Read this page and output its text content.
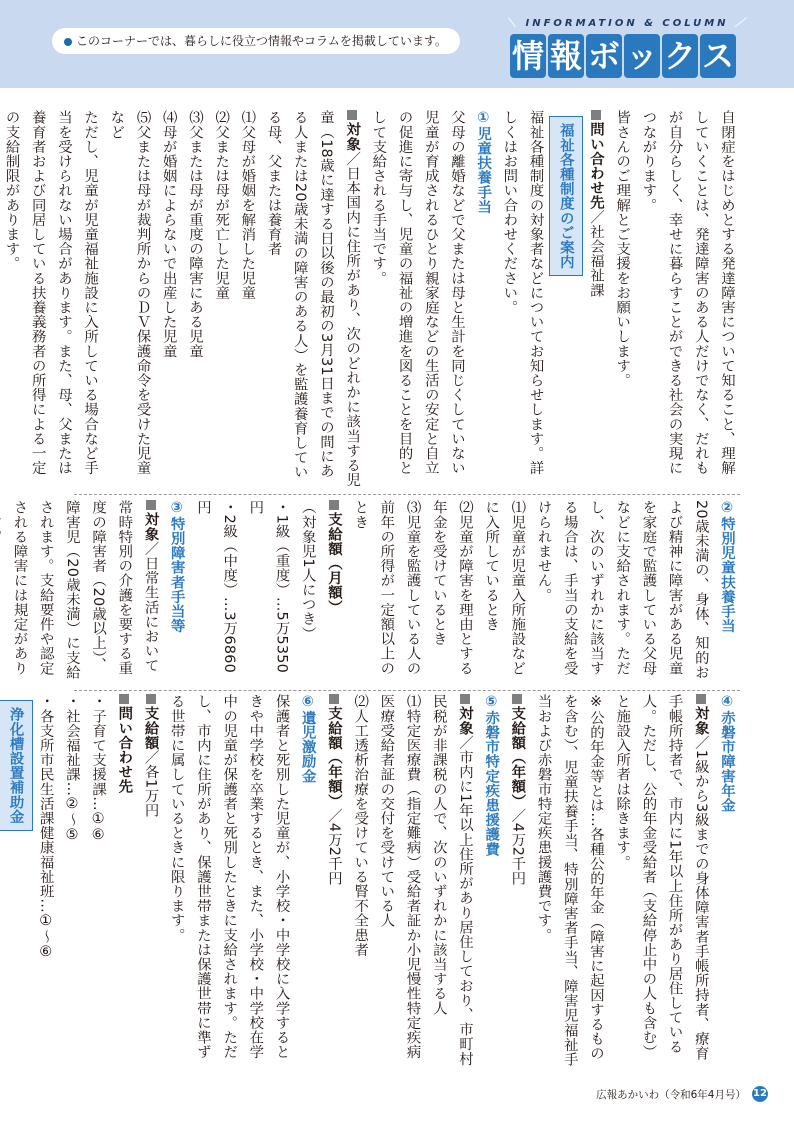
このコーナーでは、暮らしに役立つ情報やコラムを掲載しています。
＼ INFORMATION & COLUMN ／
情 報 ボ ッ ク ス

自閉症をはじめとする発達障害について知ること、理解していくことは、発達障害のある人だけでなく、だれもが自分らしく、幸せに暮らすことができる社会の実現につながります。

皆さんのご理解とご支援をお願いします。

問い合わせ先／社会福祉課

福祉各種制度のご案内

福祉各種制度の対象者などについてお知らせします。詳しくはお問い合わせください。

①児童扶養手当

父母の離婚などで父または母と生計を同じくしていない児童が育成されるひとり親家庭などの生活の安定と自立の促進に寄与し、児童の福祉の増進を図ることを目的として支給される手当です。

対象／日本国内に住所があり、次のどれかに該当する児童（18歳に達する日以後の最初の3月31日までの間にある人または20歳未満の障害のある人）を監護養育している母、父または養育者

⑴父母が婚姻を解消した児童

⑵父または母が死亡した児童

⑶父または母が重度の障害にある児童

⑷母が婚姻によらないで出産した児童

⑸父または母が裁判所からのＤＶ保護命令を受けた児童　など

ただし、児童が児童福祉施設に入所している場合など手当を受けられない場合があります。また、母、父または養育者および同居している扶養義務者の所得による一定の支給制限があります。

②特別児童扶養手当

20歳未満の、身体、知的および精神に障害がある児童を家庭で監護している父母などに支給されます。ただし、次のいずれかに該当する場合は、手当の支給を受けられません。

⑴児童が児童入所施設などに入所しているとき

⑵児童が障害を理由とする年金を受けているとき

⑶児童を監護している人の前年の所得が一定額以上のとき

支給額（月額）

（対象児1人につき）

・1級（重度）…5万5350円

・2級（中度）…3万6860円

③特別障害者手当等

対象／日常生活において常時特別の介護を要する重度の障害者（20歳以上）、障害児（20歳未満）に支給されます。支給要件や認定される障害には規定があり

④赤磐市障害年金

対象／1級から3級までの身体障害者手帳所持者、療育手帳所持者で、市内に1年以上住所があり居住している人。ただし、公的年金受給者（支給停止中の人も含む）と施設入所者は除きます。

※公的年金等とは…各種公的年金（障害に起因するものを含む）、児童扶養手当、特別障害者手当、障害児福祉手当および赤磐市特定疾患援護費です。

支給額（年額）／4万2千円

⑤赤磐市特定疾患援護費

対象／市内に1年以上住所があり居住しており、市町村民税が非課税の人で、次のいずれかに該当する人

⑴特定医療費（指定難病）受給者証か小児慢性特定疾病医療受給者証の交付を受けている人

⑵人工透析治療を受けている腎不全患者

支給額（年額）／4万2千円

⑥遺児激励金

保護者と死別した児童が、小学校・中学校に入学するときや中学校を卒業するとき、また、小学校・中学校在学中の児童が保護者と死別したときに支給されます。ただし、市内に住所があり、保護世帯または保護世帯に準ずる世帯に属しているときに限ります。

支給額／各1万円

問い合わせ先

・子育て支援課…①⑥

・社会福祉課…②〜⑤

・各支所市民生活課健康福祉班…①〜⑥

浄化槽設置補助金

広報あかいわ（令和6年4月号） 12
